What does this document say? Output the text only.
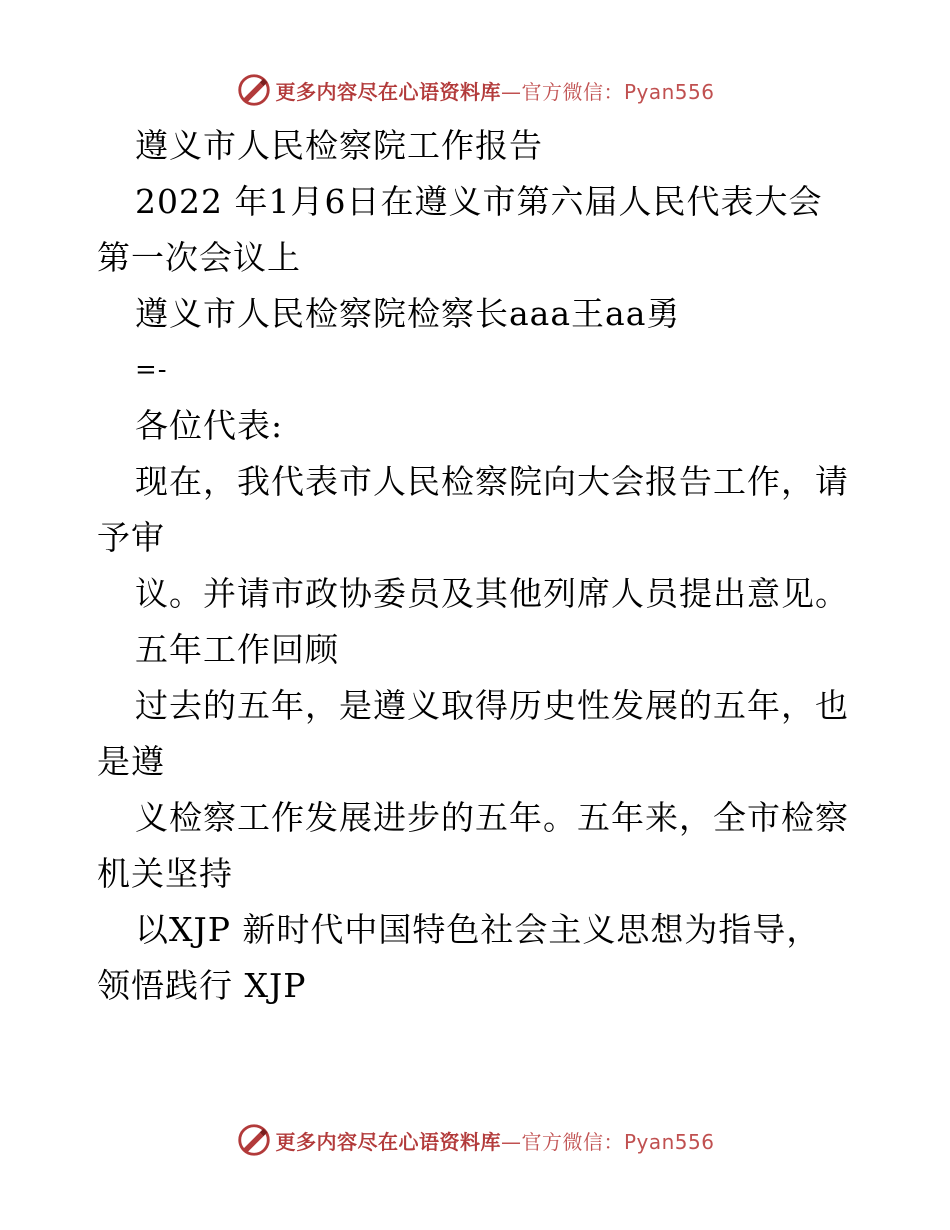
更多内容尽在心语资料库—官方微信：Pyan556
遵义市人民检察院工作报告
2022 年1月6日在遵义市第六届人民代表大会
第一次会议上
遵义市人民检察院检察长aaa王aa勇
=-
各位代表:
现在，我代表市人民检察院向大会报告工作，请
予审
议。并请市政协委员及其他列席人员提出意见。
五年工作回顾
过去的五年，是遵义取得历史性发展的五年，也
是遵
义检察工作发展进步的五年。五年来，全市检察
机关坚持
以XJP 新时代中国特色社会主义思想为指导，
领悟践行 XJP
更多内容尽在心语资料库—官方微信：Pyan556
